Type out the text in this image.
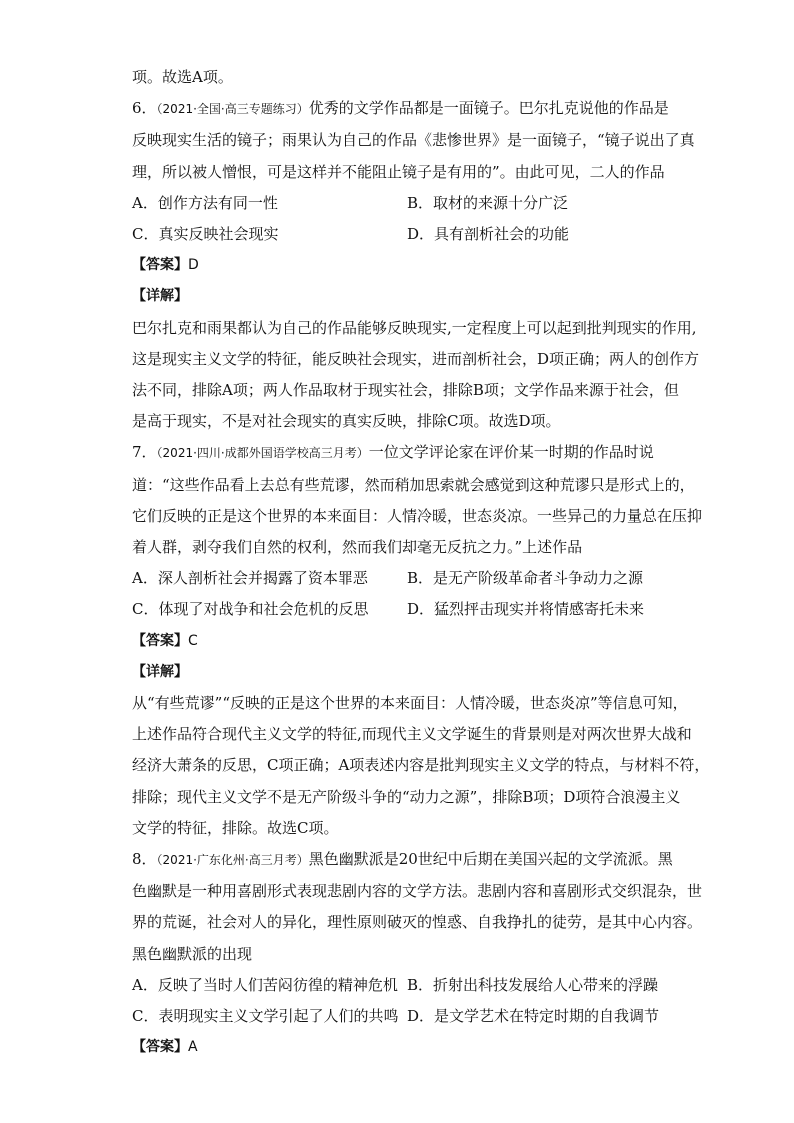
项。故选A项。
6．（2021·全国·高三专题练习）优秀的文学作品都是一面镜子。巴尔扎克说他的作品是
反映现实生活的镜子；雨果认为自己的作品《悲惨世界》是一面镜子，“镜子说出了真
理，所以被人憎恨，可是这样并不能阻止镜子是有用的”。由此可见，二人的作品
A．创作方法有同一性	B．取材的来源十分广泛
C．真实反映社会现实	D．具有剖析社会的功能
【答案】D
【详解】
巴尔扎克和雨果都认为自己的作品能够反映现实,一定程度上可以起到批判现实的作用,
这是现实主义文学的特征，能反映社会现实，进而剖析社会，D项正确；两人的创作方
法不同，排除A项；两人作品取材于现实社会，排除B项；文学作品来源于社会，但
是高于现实，不是对社会现实的真实反映，排除C项。故选D项。
7．（2021·四川·成都外国语学校高三月考）一位文学评论家在评价某一时期的作品时说
道：“这些作品看上去总有些荒谬，然而稍加思索就会感觉到这种荒谬只是形式上的，
它们反映的正是这个世界的本来面目：人情冷暖，世态炎凉。一些异己的力量总在压抑
着人群，剥夺我们自然的权利，然而我们却毫无反抗之力。”上述作品
A．深人剖析社会并揭露了资本罪恶	B．是无产阶级革命者斗争动力之源
C．体现了对战争和社会危机的反思	D．猛烈抨击现实并将情感寄托未来
【答案】C
【详解】
从“有些荒谬”“反映的正是这个世界的本来面目：人情冷暖，世态炎凉”等信息可知，
上述作品符合现代主义文学的特征,而现代主义文学诞生的背景则是对两次世界大战和
经济大萧条的反思，C项正确；A项表述内容是批判现实主义文学的特点，与材料不符，
排除；现代主义文学不是无产阶级斗争的“动力之源”，排除B项；D项符合浪漫主义
文学的特征，排除。故选C项。
8．（2021·广东化州·高三月考）黑色幽默派是20世纪中后期在美国兴起的文学流派。黑
色幽默是一种用喜剧形式表现悲剧内容的文学方法。悲剧内容和喜剧形式交织混杂，世
界的荒诞，社会对人的异化，理性原则破灭的惶惑、自我挣扎的徒劳，是其中心内容。
黑色幽默派的出现
A．反映了当时人们苦闷彷徨的精神危机 B．折射出科技发展给人心带来的浮躁
C．表明现实主义文学引起了人们的共鸣 D．是文学艺术在特定时期的自我调节
【答案】A
